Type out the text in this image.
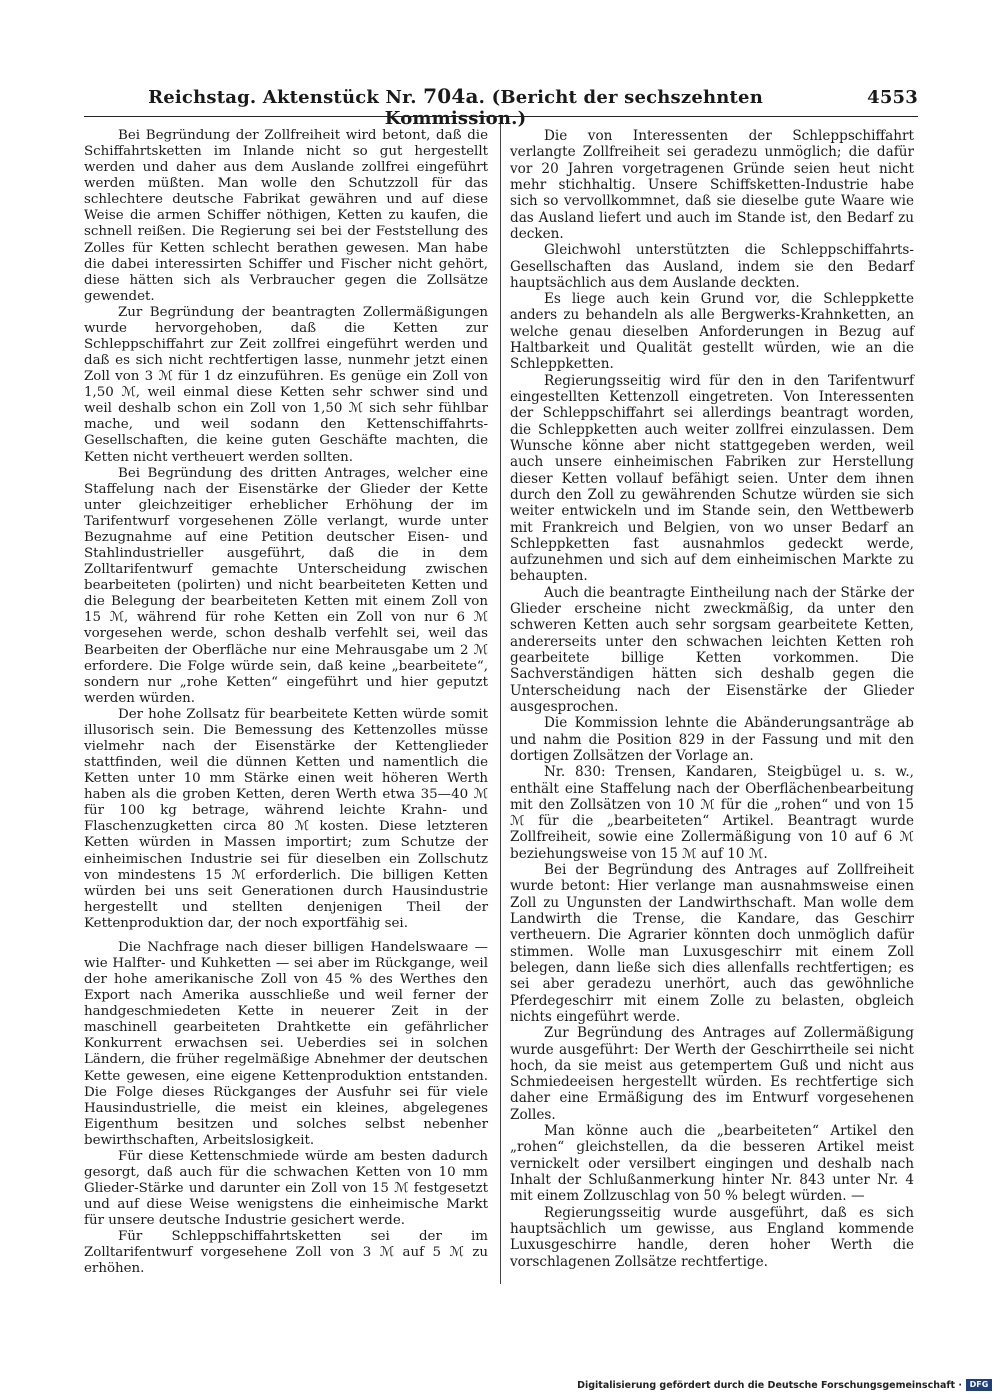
Reichstag. Aktenstück Nr. 704a. (Bericht der sechszehnten Kommission.)
4553

Bei Begründung der Zollfreiheit wird betont, daß die Schiffahrtsketten im Inlande nicht so gut hergestellt werden und daher aus dem Auslande zollfrei eingeführt werden müßten. Man wolle den Schutzzoll für das schlechtere deutsche Fabrikat gewähren und auf diese Weise die armen Schiffer nöthigen, Ketten zu kaufen, die schnell reißen. Die Regierung sei bei der Feststellung des Zolles für Ketten schlecht berathen gewesen. Man habe die dabei interessirten Schiffer und Fischer nicht gehört, diese hätten sich als Verbraucher gegen die Zollsätze gewendet.

Zur Begründung der beantragten Zollermäßigungen wurde hervorgehoben, daß die Ketten zur Schleppschiffahrt zur Zeit zollfrei eingeführt werden und daß es sich nicht rechtfertigen lasse, nunmehr jetzt einen Zoll von 3 ℳ für 1 dz einzuführen. Es genüge ein Zoll von 1,50 ℳ, weil einmal diese Ketten sehr schwer sind und weil deshalb schon ein Zoll von 1,50 ℳ sich sehr fühlbar mache, und weil sodann den Kettenschiffahrts-Gesellschaften, die keine guten Geschäfte machten, die Ketten nicht vertheuert werden sollten.

Bei Begründung des dritten Antrages, welcher eine Staffelung nach der Eisenstärke der Glieder der Kette unter gleichzeitiger erheblicher Erhöhung der im Tarifentwurf vorgesehenen Zölle verlangt, wurde unter Bezugnahme auf eine Petition deutscher Eisen- und Stahlindustrieller ausgeführt, daß die in dem Zolltarifentwurf gemachte Unterscheidung zwischen bearbeiteten (polirten) und nicht bearbeiteten Ketten und die Belegung der bearbeiteten Ketten mit einem Zoll von 15 ℳ, während für rohe Ketten ein Zoll von nur 6 ℳ vorgesehen werde, schon deshalb verfehlt sei, weil das Bearbeiten der Oberfläche nur eine Mehrausgabe um 2 ℳ erfordere. Die Folge würde sein, daß keine „bearbeitete“, sondern nur „rohe Ketten“ eingeführt und hier geputzt werden würden.

Der hohe Zollsatz für bearbeitete Ketten würde somit illusorisch sein. Die Bemessung des Kettenzolles müsse vielmehr nach der Eisenstärke der Kettenglieder stattfinden, weil die dünnen Ketten und namentlich die Ketten unter 10 mm Stärke einen weit höheren Werth haben als die groben Ketten, deren Werth etwa 35—40 ℳ für 100 kg betrage, während leichte Krahn- und Flaschenzugketten circa 80 ℳ kosten. Diese letzteren Ketten würden in Massen importirt; zum Schutze der einheimischen Industrie sei für dieselben ein Zollschutz von mindestens 15 ℳ erforderlich. Die billigen Ketten würden bei uns seit Generationen durch Hausindustrie hergestellt und stellten denjenigen Theil der Kettenproduktion dar, der noch exportfähig sei.

Die Nachfrage nach dieser billigen Handelswaare — wie Halfter- und Kuhketten — sei aber im Rückgange, weil der hohe amerikanische Zoll von 45 % des Werthes den Export nach Amerika ausschließe und weil ferner der handgeschmiedeten Kette in neuerer Zeit in der maschinell gearbeiteten Drahtkette ein gefährlicher Konkurrent erwachsen sei. Ueberdies sei in solchen Ländern, die früher regelmäßige Abnehmer der deutschen Kette gewesen, eine eigene Kettenproduktion entstanden. Die Folge dieses Rückganges der Ausfuhr sei für viele Hausindustrielle, die meist ein kleines, abgelegenes Eigenthum besitzen und solches selbst nebenher bewirthschaften, Arbeitslosigkeit.

Für diese Kettenschmiede würde am besten dadurch gesorgt, daß auch für die schwachen Ketten von 10 mm Glieder-Stärke und darunter ein Zoll von 15 ℳ festgesetzt und auf diese Weise wenigstens die einheimische Markt für unsere deutsche Industrie gesichert werde.

Für Schleppschiffahrtsketten sei der im Zolltarifentwurf vorgesehene Zoll von 3 ℳ auf 5 ℳ zu erhöhen.

Die von Interessenten der Schleppschiffahrt verlangte Zollfreiheit sei geradezu unmöglich; die dafür vor 20 Jahren vorgetragenen Gründe seien heut nicht mehr stichhaltig. Unsere Schiffsketten-Industrie habe sich so vervollkommnet, daß sie dieselbe gute Waare wie das Ausland liefert und auch im Stande ist, den Bedarf zu decken.

Gleichwohl unterstützten die Schleppschiffahrts-Gesellschaften das Ausland, indem sie den Bedarf hauptsächlich aus dem Auslande deckten.

Es liege auch kein Grund vor, die Schleppkette anders zu behandeln als alle Bergwerks-Krahnketten, an welche genau dieselben Anforderungen in Bezug auf Haltbarkeit und Qualität gestellt würden, wie an die Schleppketten.

Regierungsseitig wird für den in den Tarifentwurf eingestellten Kettenzoll eingetreten. Von Interessenten der Schleppschiffahrt sei allerdings beantragt worden, die Schleppketten auch weiter zollfrei einzulassen. Dem Wunsche könne aber nicht stattgegeben werden, weil auch unsere einheimischen Fabriken zur Herstellung dieser Ketten vollauf befähigt seien. Unter dem ihnen durch den Zoll zu gewährenden Schutze würden sie sich weiter entwickeln und im Stande sein, den Wettbewerb mit Frankreich und Belgien, von wo unser Bedarf an Schleppketten fast ausnahmlos gedeckt werde, aufzunehmen und sich auf dem einheimischen Markte zu behaupten.

Auch die beantragte Eintheilung nach der Stärke der Glieder erscheine nicht zweckmäßig, da unter den schweren Ketten auch sehr sorgsam gearbeitete Ketten, andererseits unter den schwachen leichten Ketten roh gearbeitete billige Ketten vorkommen. Die Sachverständigen hätten sich deshalb gegen die Unterscheidung nach der Eisenstärke der Glieder ausgesprochen.

Die Kommission lehnte die Abänderungsanträge ab und nahm die Position 829 in der Fassung und mit den dortigen Zollsätzen der Vorlage an.

Nr. 830: Trensen, Kandaren, Steigbügel u. s. w., enthält eine Staffelung nach der Oberflächenbearbeitung mit den Zollsätzen von 10 ℳ für die „rohen“ und von 15 ℳ für die „bearbeiteten“ Artikel. Beantragt wurde Zollfreiheit, sowie eine Zollermäßigung von 10 auf 6 ℳ beziehungsweise von 15 ℳ auf 10 ℳ.

Bei der Begründung des Antrages auf Zollfreiheit wurde betont: Hier verlange man ausnahmsweise einen Zoll zu Ungunsten der Landwirthschaft. Man wolle dem Landwirth die Trense, die Kandare, das Geschirr vertheuern. Die Agrarier könnten doch unmöglich dafür stimmen. Wolle man Luxusgeschirr mit einem Zoll belegen, dann ließe sich dies allenfalls rechtfertigen; es sei aber geradezu unerhört, auch das gewöhnliche Pferdegeschirr mit einem Zolle zu belasten, obgleich nichts eingeführt werde.

Zur Begründung des Antrages auf Zollermäßigung wurde ausgeführt: Der Werth der Geschirrtheile sei nicht hoch, da sie meist aus getempertem Guß und nicht aus Schmiedeeisen hergestellt würden. Es rechtfertige sich daher eine Ermäßigung des im Entwurf vorgesehenen Zolles.

Man könne auch die „bearbeiteten“ Artikel den „rohen“ gleichstellen, da die besseren Artikel meist vernickelt oder versilbert eingingen und deshalb nach Inhalt der Schlußanmerkung hinter Nr. 843 unter Nr. 4 mit einem Zollzuschlag von 50 % belegt würden. —

Regierungsseitig wurde ausgeführt, daß es sich hauptsächlich um gewisse, aus England kommende Luxusgeschirre handle, deren hoher Werth die vorschlagenen Zollsätze rechtfertige.

Digitalisierung gefördert durch die Deutsche Forschungsgemeinschaft · DFG
